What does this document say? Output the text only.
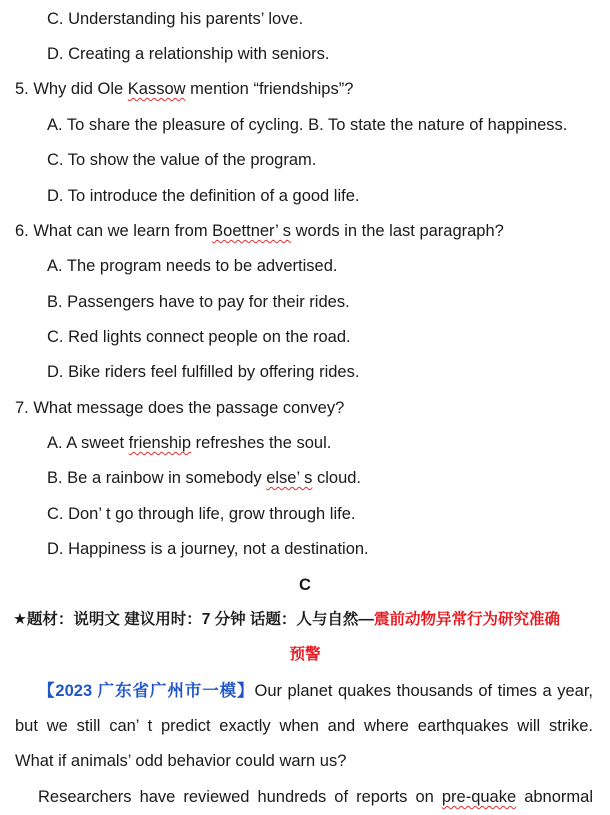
C. Understanding his parents’ love.
D. Creating a relationship with seniors.
5. Why did Ole Kassow mention “friendships”?
A. To share the pleasure of cycling. B. To state the nature of happiness.
C. To show the value of the program.
D. To introduce the definition of a good life.
6. What can we learn from Boettner’ s words in the last paragraph?
A. The program needs to be advertised.
B. Passengers have to pay for their rides.
C. Red lights connect people on the road.
D. Bike riders feel fulfilled by offering rides.
7. What message does the passage convey?
A. A sweet frienship refreshes the soul.
B. Be a rainbow in somebody else’ s cloud.
C. Don’ t go through life, grow through life.
D. Happiness is a journey, not a destination.
C
★题材：说明文 建议用时：7 分钟 话题：人与自然—震前动物异常行为研究准确
预警
【2023 广东省广州市一模】Our planet quakes thousands of times a year,
but we still can’ t predict exactly when and where earthquakes will strike.
What if animals’ odd behavior could warn us?
Researchers have reviewed hundreds of reports on pre-quake abnormal
